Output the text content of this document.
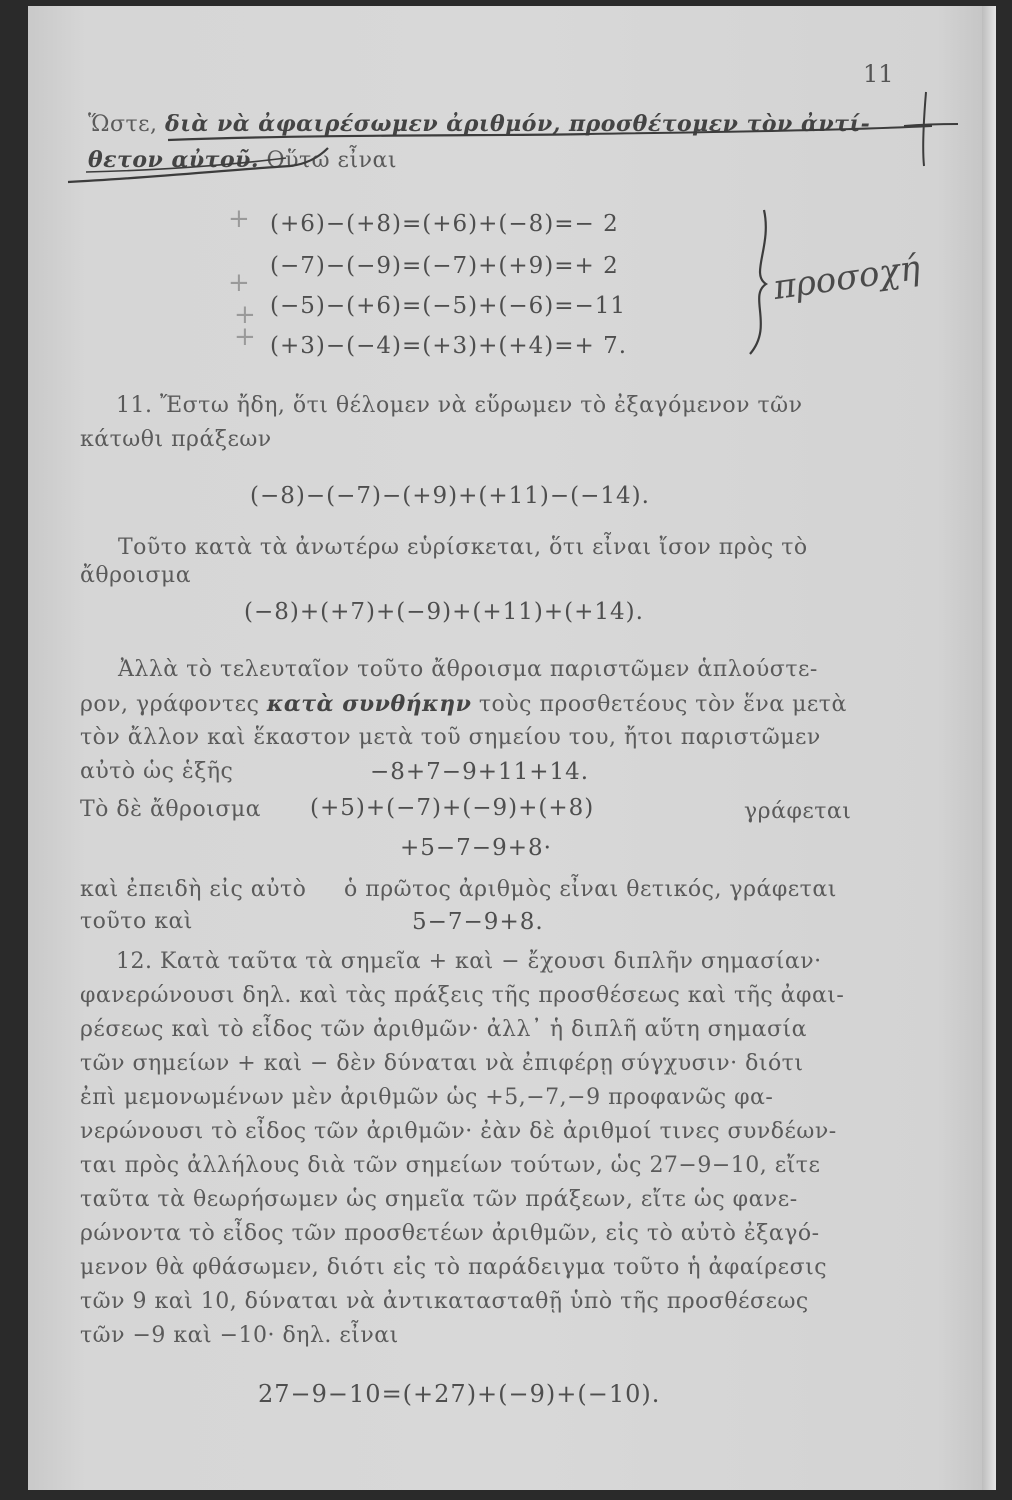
11
Ὥστε, διὰ νὰ ἀφαιρέσωμεν ἀριθμόν, προσθέτομεν τὸν ἀντί-
θετον αὐτοῦ. Οὕτω εἶναι
(+6)−(+8)=(+6)+(−8)=− 2
(−7)−(−9)=(−7)+(+9)=+ 2
(−5)−(+6)=(−5)+(−6)=−11
(+3)−(−4)=(+3)+(+4)=+ 7.
+
+
+
+
προσοχή
11. Ἔστω ἤδη, ὅτι θέλομεν νὰ εὕρωμεν τὸ ἐξαγόμενον τῶν
κάτωθι πράξεων
(−8)−(−7)−(+9)+(+11)−(−14).
Τοῦτο κατὰ τὰ ἀνωτέρω εὑρίσκεται, ὅτι εἶναι ἴσον πρὸς τὸ
ἄθροισμα
(−8)+(+7)+(−9)+(+11)+(+14).
Ἀλλὰ τὸ τελευταῖον τοῦτο ἄθροισμα παριστῶμεν ἁπλούστε-
ρον, γράφοντες κατὰ συνθήκην τοὺς προσθετέους τὸν ἕνα μετὰ
τὸν ἄλλον καὶ ἕκαστον μετὰ τοῦ σημείου του, ἤτοι παριστῶμεν
αὐτὸ ὡς ἑξῆς	−8+7−9+11+14.
Τὸ δὲ ἄθροισμα (+5)+(−7)+(−9)+(+8)	γράφεται
+5−7−9+8·
καὶ ἐπειδὴ εἰς αὐτὸ ὁ πρῶτος ἀριθμὸς εἶναι θετικός, γράφεται
τοῦτο καὶ	5−7−9+8.
12. Κατὰ ταῦτα τὰ σημεῖα + καὶ − ἔχουσι διπλῆν σημασίαν·
φανερώνουσι δηλ. καὶ τὰς πράξεις τῆς προσθέσεως καὶ τῆς ἀφαι-
ρέσεως καὶ τὸ εἶδος τῶν ἀριθμῶν· ἀλλ᾽ ἡ διπλῆ αὕτη σημασία
τῶν σημείων + καὶ − δὲν δύναται νὰ ἐπιφέρῃ σύγχυσιν· διότι
ἐπὶ μεμονωμένων μὲν ἀριθμῶν ὡς +5,−7,−9 προφανῶς φα-
νερώνουσι τὸ εἶδος τῶν ἀριθμῶν· ἐὰν δὲ ἀριθμοί τινες συνδέων-
ται πρὸς ἀλλήλους διὰ τῶν σημείων τούτων, ὡς 27−9−10, εἴτε
ταῦτα τὰ θεωρήσωμεν ὡς σημεῖα τῶν πράξεων, εἴτε ὡς φανε-
ρώνοντα τὸ εἶδος τῶν προσθετέων ἀριθμῶν, εἰς τὸ αὐτὸ ἐξαγό-
μενον θὰ φθάσωμεν, διότι εἰς τὸ παράδειγμα τοῦτο ἡ ἀφαίρεσις
τῶν 9 καὶ 10, δύναται νὰ ἀντικατασταθῇ ὑπὸ τῆς προσθέσεως
τῶν −9 καὶ −10· δηλ. εἶναι
27−9−10=(+27)+(−9)+(−10).
